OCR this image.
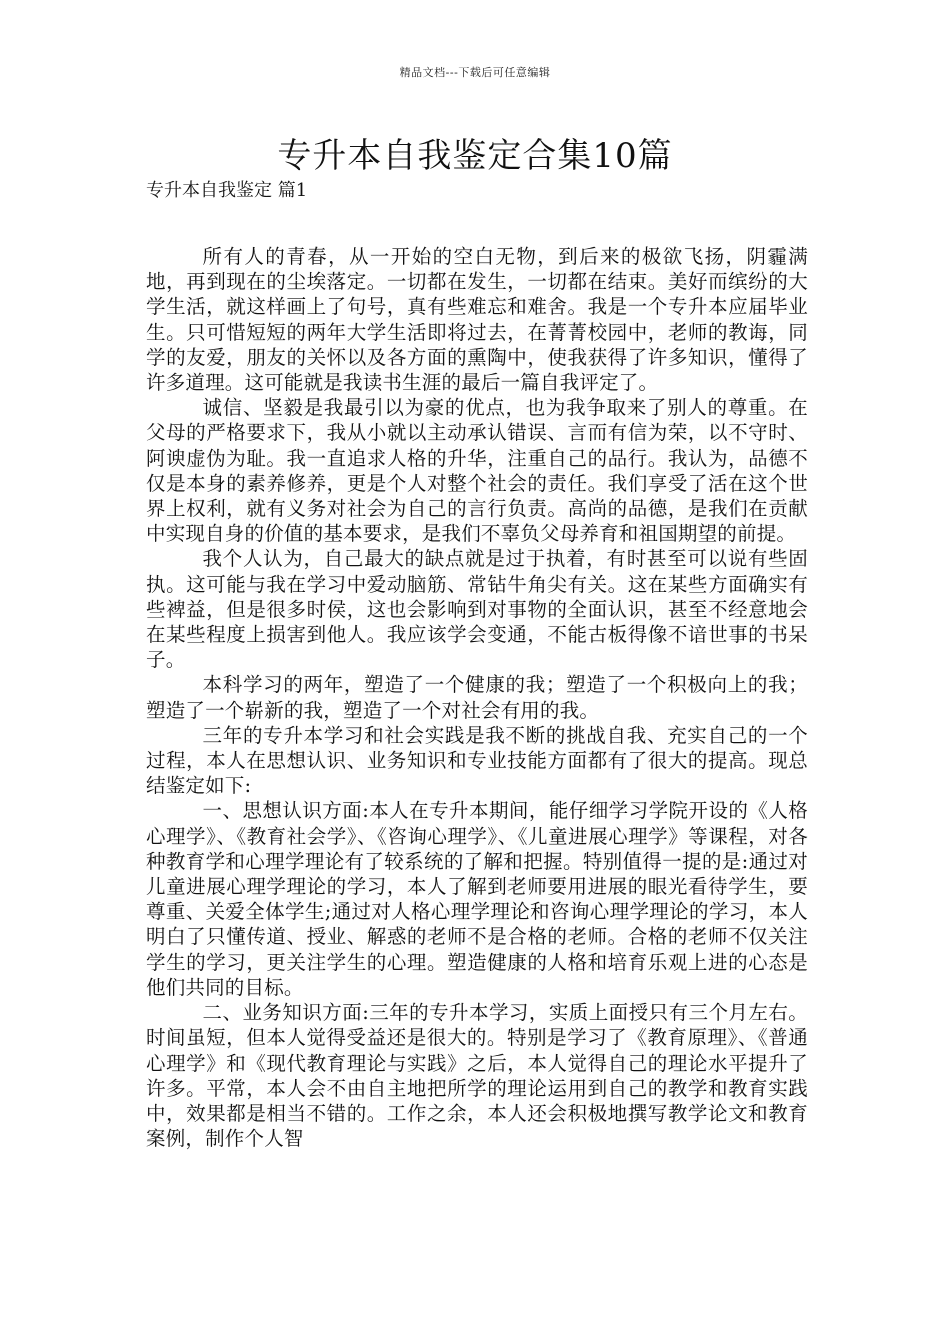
精品文档---下载后可任意编辑
专升本自我鉴定合集10篇
专升本自我鉴定 篇1

所有人的青春，从一开始的空白无物，到后来的极欲飞扬，阴霾满地，再到现在的尘埃落定。一切都在发生，一切都在结束。美好而缤纷的大学生活，就这样画上了句号，真有些难忘和难舍。我是一个专升本应届毕业生。只可惜短短的两年大学生活即将过去，在菁菁校园中，老师的教诲，同学的友爱，朋友的关怀以及各方面的熏陶中，使我获得了许多知识，懂得了许多道理。这可能就是我读书生涯的最后一篇自我评定了。

诚信、坚毅是我最引以为豪的优点，也为我争取来了别人的尊重。在父母的严格要求下，我从小就以主动承认错误、言而有信为荣，以不守时、阿谀虚伪为耻。我一直追求人格的升华，注重自己的品行。我认为，品德不仅是本身的素养修养，更是个人对整个社会的责任。我们享受了活在这个世界上权利，就有义务对社会为自己的言行负责。高尚的品德，是我们在贡献中实现自身的价值的基本要求，是我们不辜负父母养育和祖国期望的前提。

我个人认为，自己最大的缺点就是过于执着，有时甚至可以说有些固执。这可能与我在学习中爱动脑筋、常钻牛角尖有关。这在某些方面确实有些裨益，但是很多时侯，这也会影响到对事物的全面认识，甚至不经意地会在某些程度上损害到他人。我应该学会变通，不能古板得像不谙世事的书呆子。

本科学习的两年，塑造了一个健康的我；塑造了一个积极向上的我；塑造了一个崭新的我，塑造了一个对社会有用的我。

三年的专升本学习和社会实践是我不断的挑战自我、充实自己的一个过程，本人在思想认识、业务知识和专业技能方面都有了很大的提高。现总结鉴定如下:

一、思想认识方面:本人在专升本期间，能仔细学习学院开设的《人格心理学》、《教育社会学》、《咨询心理学》、《儿童进展心理学》等课程，对各种教育学和心理学理论有了较系统的了解和把握。特别值得一提的是:通过对儿童进展心理学理论的学习，本人了解到老师要用进展的眼光看待学生，要尊重、关爱全体学生;通过对人格心理学理论和咨询心理学理论的学习，本人明白了只懂传道、授业、解惑的老师不是合格的老师。合格的老师不仅关注学生的学习，更关注学生的心理。塑造健康的人格和培育乐观上进的心态是他们共同的目标。

二、业务知识方面:三年的专升本学习，实质上面授只有三个月左右。时间虽短，但本人觉得受益还是很大的。特别是学习了《教育原理》、《普通心理学》和《现代教育理论与实践》之后，本人觉得自己的理论水平提升了许多。平常，本人会不由自主地把所学的理论运用到自己的教学和教育实践中，效果都是相当不错的。工作之余，本人还会积极地撰写教学论文和教育案例，制作个人智
